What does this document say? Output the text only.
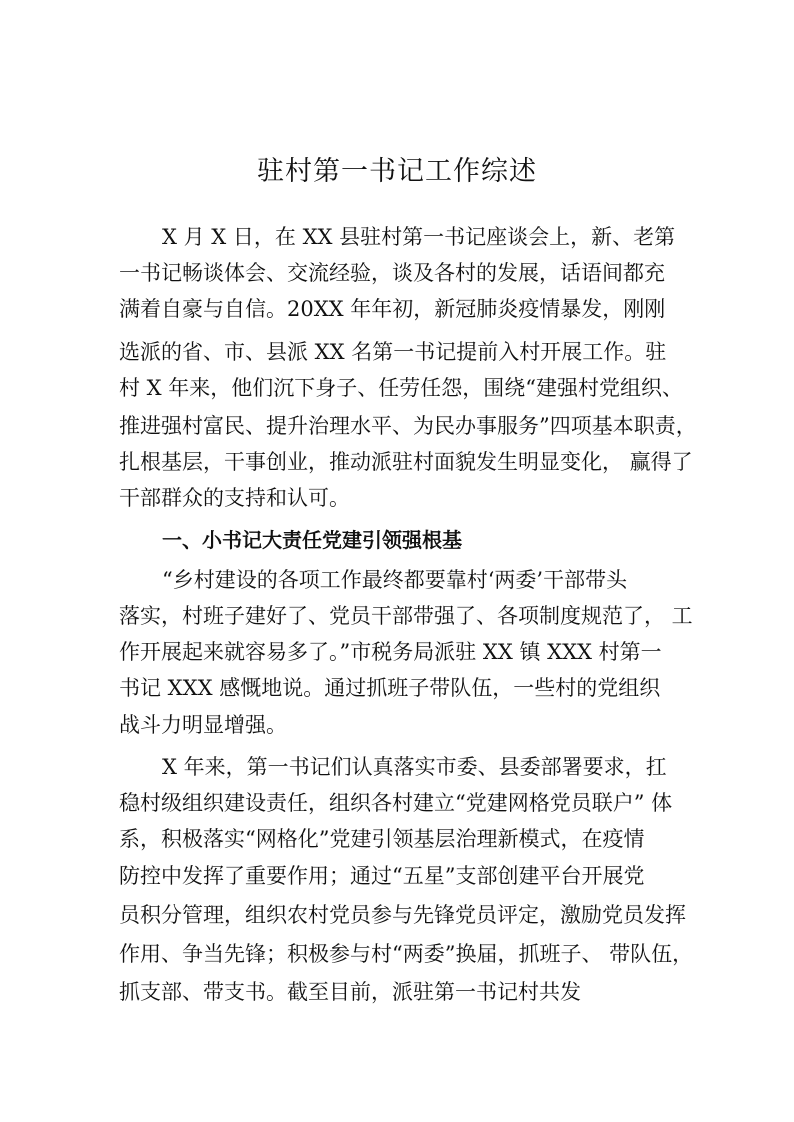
驻村第一书记工作综述
X 月 X 日，在 XX 县驻村第一书记座谈会上，新、老第
一书记畅谈体会、交流经验，谈及各村的发展，话语间都充
满着自豪与自信。20XX 年年初，新冠肺炎疫情暴发，刚刚
选派的省、市、县派 XX 名第一书记提前入村开展工作。驻
村 X 年来，他们沉下身子、任劳任怨，围绕“建强村党组织、
推进强村富民、提升治理水平、为民办事服务”四项基本职责，
扎根基层，干事创业，推动派驻村面貌发生明显变化， 赢得了
干部群众的支持和认可。
一、小书记大责任党建引领强根基
“乡村建设的各项工作最终都要靠村‘两委’干部带头
落实，村班子建好了、党员干部带强了、各项制度规范了， 工
作开展起来就容易多了。”市税务局派驻 XX 镇 XXX 村第一
书记 XXX 感慨地说。通过抓班子带队伍，一些村的党组织
战斗力明显增强。
X 年来，第一书记们认真落实市委、县委部署要求，扛
稳村级组织建设责任，组织各村建立“党建网格党员联户” 体
系，积极落实“网格化”党建引领基层治理新模式，在疫情
防控中发挥了重要作用；通过“五星”支部创建平台开展党
员积分管理，组织农村党员参与先锋党员评定，激励党员发挥
作用、争当先锋；积极参与村“两委”换届，抓班子、 带队伍，
抓支部、带支书。截至目前，派驻第一书记村共发
